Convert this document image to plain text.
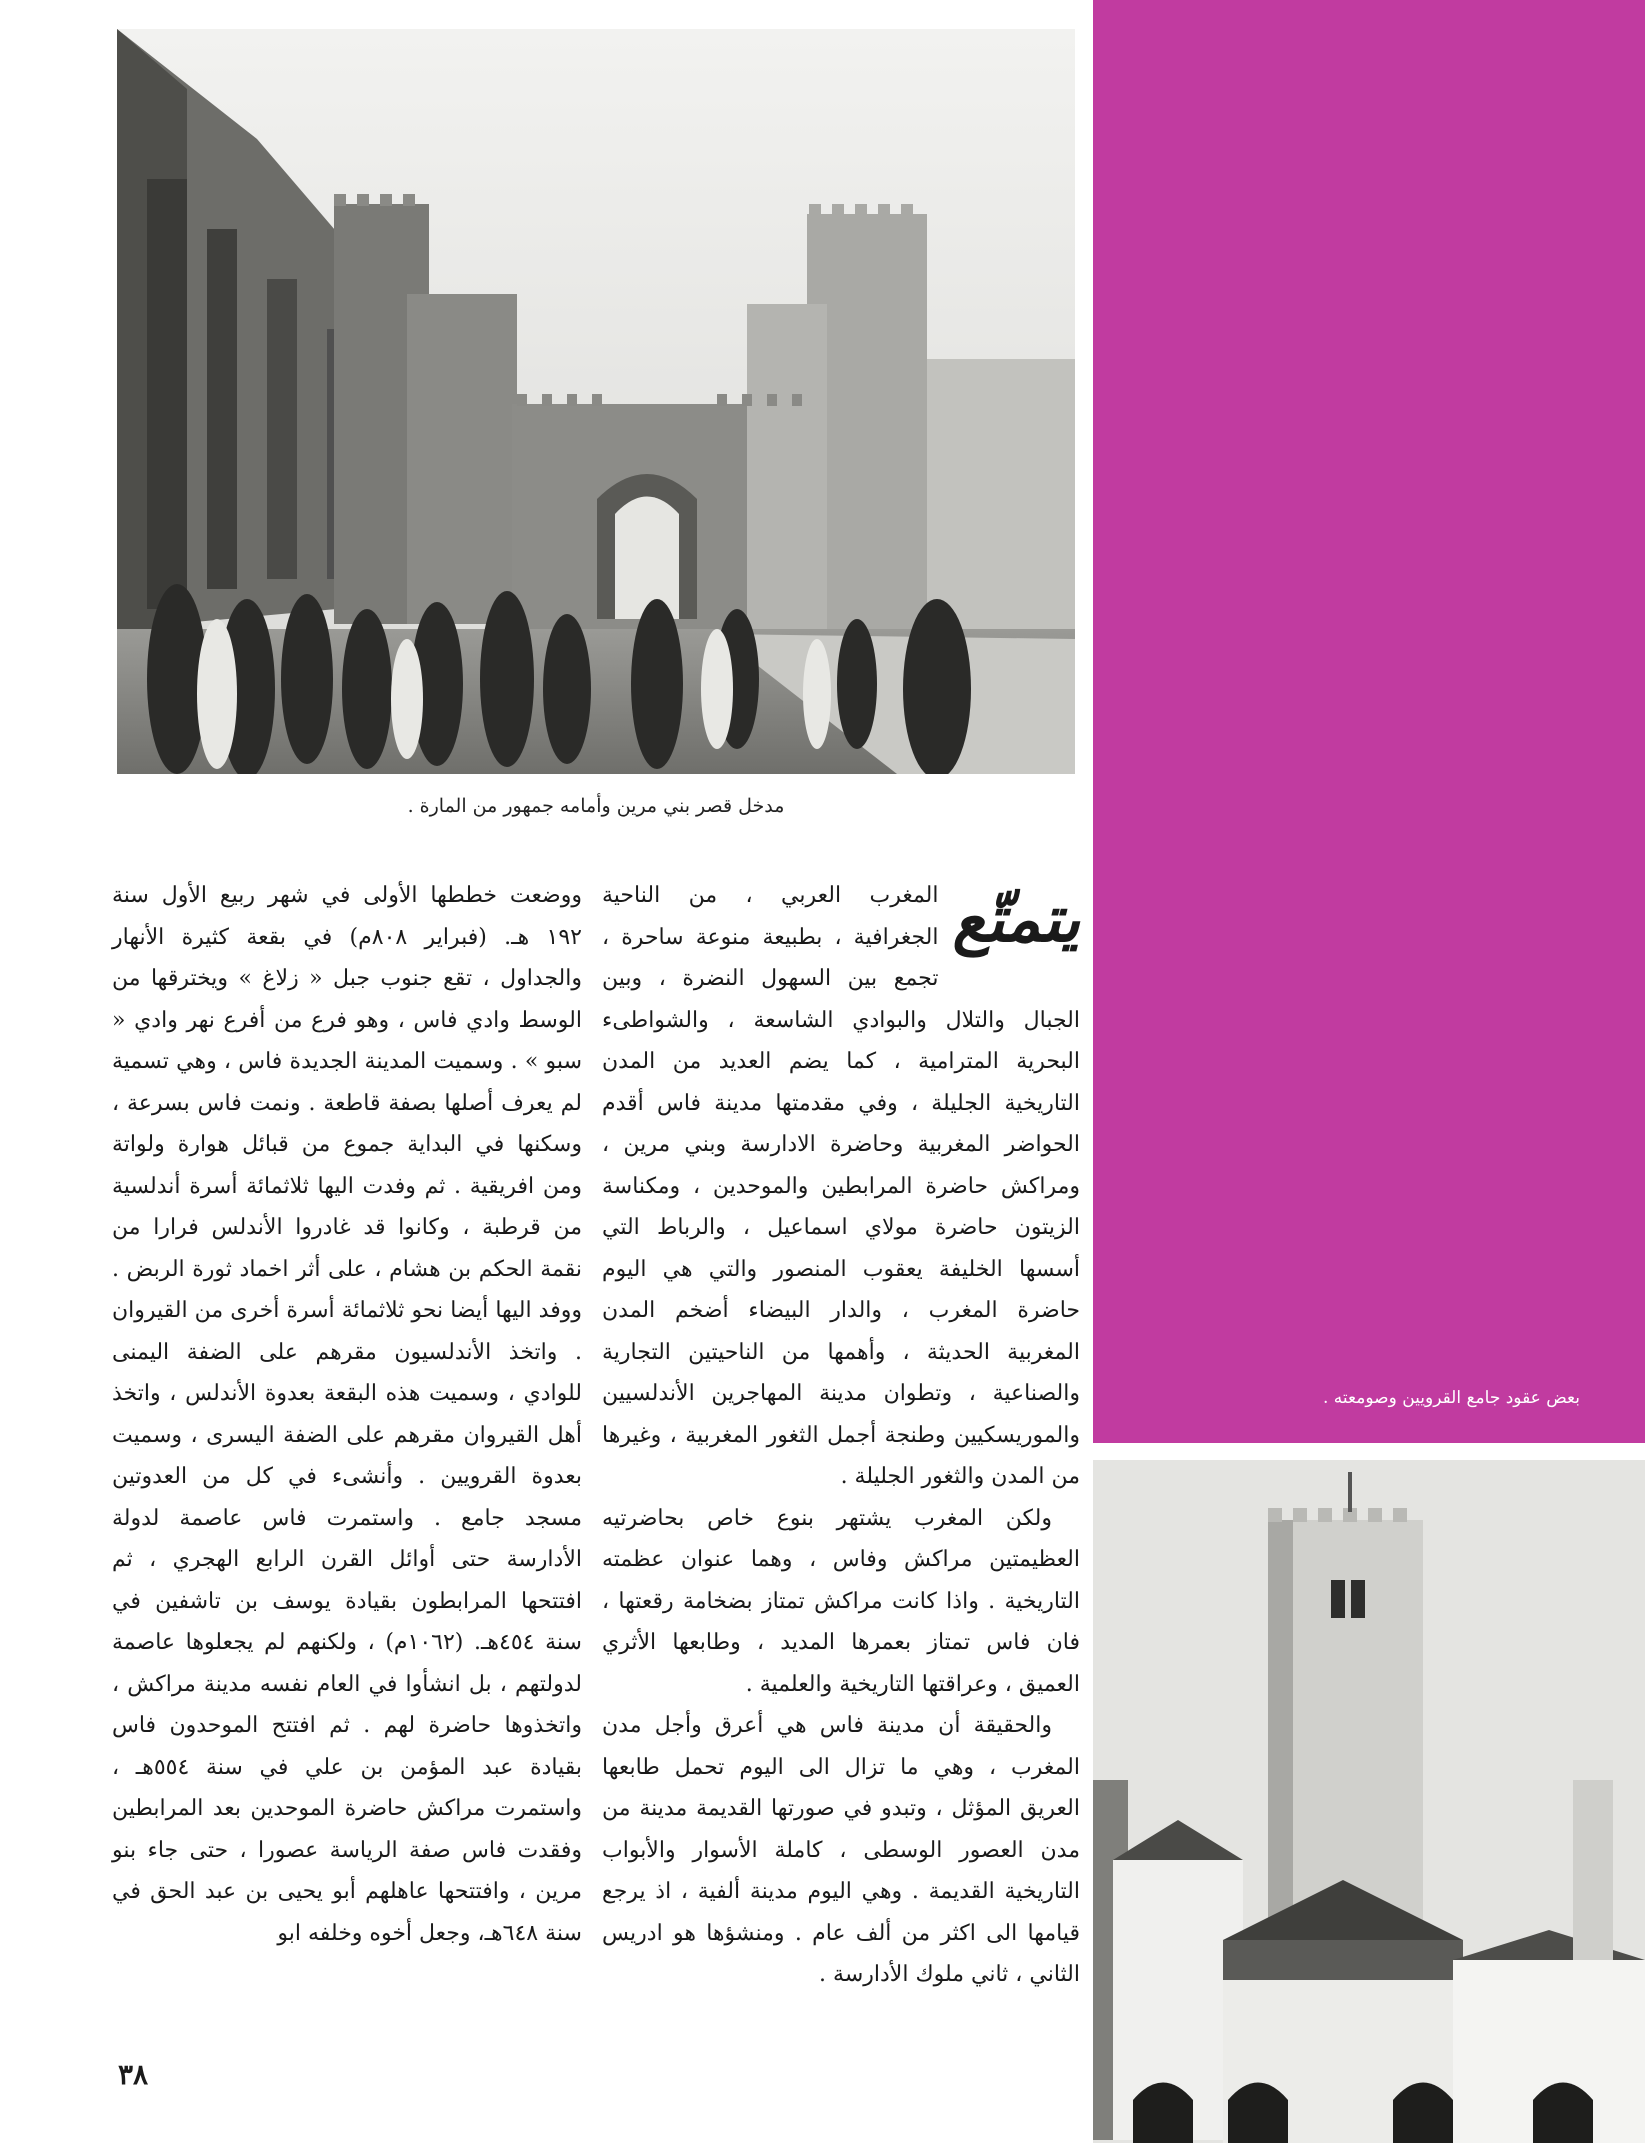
مدخل قصر بني مرين وأمامه جمهور من المارة .
بعض عقود جامع القرويين وصومعته .
يتمتّع

المغرب العربي ، من الناحية الجغرافية ، بطبيعة منوعة ساحرة ، تجمع بين السهول النضرة ، وبين الجبال والتلال والبوادي الشاسعة ، والشواطىء البحرية المترامية ، كما يضم العديد من المدن التاريخية الجليلة ، وفي مقدمتها مدينة فاس أقدم الحواضر المغربية وحاضرة الادارسة وبني مرين ، ومراكش حاضرة المرابطين والموحدين ، ومكناسة الزيتون حاضرة مولاي اسماعيل ، والرباط التي أسسها الخليفة يعقوب المنصور والتي هي اليوم حاضرة المغرب ، والدار البيضاء أضخم المدن المغربية الحديثة ، وأهمها من الناحيتين التجارية والصناعية ، وتطوان مدينة المهاجرين الأندلسيين والموريسكيين وطنجة أجمل الثغور المغربية ، وغيرها من المدن والثغور الجليلة .

ولكن المغرب يشتهر بنوع خاص بحاضرتيه العظيمتين مراكش وفاس ، وهما عنوان عظمته التاريخية . واذا كانت مراكش تمتاز بضخامة رقعتها ، فان فاس تمتاز بعمرها المديد ، وطابعها الأثري العميق ، وعراقتها التاريخية والعلمية .

والحقيقة أن مدينة فاس هي أعرق وأجل مدن المغرب ، وهي ما تزال الى اليوم تحمل طابعها العريق المؤثل ، وتبدو في صورتها القديمة مدينة من مدن العصور الوسطى ، كاملة الأسوار والأبواب التاريخية القديمة . وهي اليوم مدينة ألفية ، اذ يرجع قيامها الى اكثر من ألف عام . ومنشؤها هو ادريس الثاني ، ثاني ملوك الأدارسة .

ووضعت خططها الأولى في شهر ربيع الأول سنة ١٩٢ هـ. (فبراير ٨٠٨م) في بقعة كثيرة الأنهار والجداول ، تقع جنوب جبل « زلاغ » ويخترقها من الوسط وادي فاس ، وهو فرع من أفرع نهر وادي « سبو » . وسميت المدينة الجديدة فاس ، وهي تسمية لم يعرف أصلها بصفة قاطعة . ونمت فاس بسرعة ، وسكنها في البداية جموع من قبائل هوارة ولواتة ومن افريقية . ثم وفدت اليها ثلاثمائة أسرة أندلسية من قرطبة ، وكانوا قد غادروا الأندلس فرارا من نقمة الحكم بن هشام ، على أثر اخماد ثورة الربض . ووفد اليها أيضا نحو ثلاثمائة أسرة أخرى من القيروان . واتخذ الأندلسيون مقرهم على الضفة اليمنى للوادي ، وسميت هذه البقعة بعدوة الأندلس ، واتخذ أهل القيروان مقرهم على الضفة اليسرى ، وسميت بعدوة القرويين . وأنشىء في كل من العدوتين مسجد جامع . واستمرت فاس عاصمة لدولة الأدارسة حتى أوائل القرن الرابع الهجري ، ثم افتتحها المرابطون بقيادة يوسف بن تاشفين في سنة ٤٥٤هـ. (١٠٦٢م) ، ولكنهم لم يجعلوها عاصمة لدولتهم ، بل انشأوا في العام نفسه مدينة مراكش ، واتخذوها حاضرة لهم . ثم افتتح الموحدون فاس بقيادة عبد المؤمن بن علي في سنة ٥٥٤هـ ، واستمرت مراكش حاضرة الموحدين بعد المرابطين وفقدت فاس صفة الرياسة عصورا ، حتى جاء بنو مرين ، وافتتحها عاهلهم أبو يحيى بن عبد الحق في سنة ٦٤٨هـ، وجعل أخوه وخلفه ابو

٣٨
